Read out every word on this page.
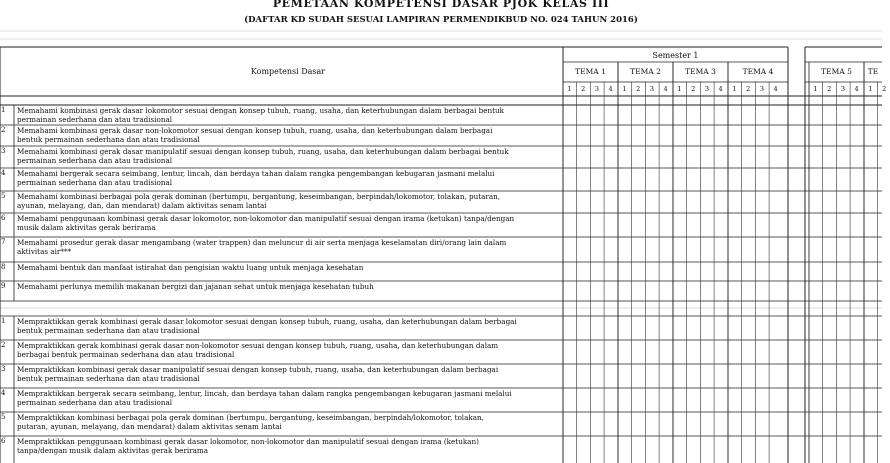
PEMETAAN KOMPETENSI DASAR PJOK KELAS III
(DAFTAR KD SUDAH SESUAI LAMPIRAN PERMENDIKBUD NO. 024 TAHUN 2016)
Kompetensi Dasar
Semester 1
TEMA 1	TEMA 2	TEMA 3	TEMA 4	TEMA 5	TE
1	2	3	4	1	2	3	4	1	2	3	4	1	2	3	4	1	2	3	4	1	2
1	Memahami kombinasi gerak dasar lokomotor sesuai dengan konsep tubuh, ruang, usaha, dan keterhubungan dalam berbagai bentuk
permainan sederhana dan atau tradisional
2	Memahami kombinasi gerak dasar non-lokomotor sesuai dengan konsep tubuh, ruang, usaha, dan keterhubungan dalam berbagai
bentuk permainan sederhana dan atau tradisional
3	Memahami kombinasi gerak dasar manipulatif sesuai dengan konsep tubuh, ruang, usaha, dan keterhubungan dalam berbagai bentuk
permainan sederhana dan atau tradisional
4	Memahami bergerak secara seimbang, lentur, lincah, dan berdaya tahan dalam rangka pengembangan kebugaran jasmani melalui
permainan sederhana dan atau tradisional
5	Memahami kombinasi berbagai pola gerak dominan (bertumpu, bergantung, keseimbangan, berpindah/lokomotor, tolakan, putaran,
ayunan, melayang, dan, dan mendarat) dalam aktivitas senam lantai
6	Memahami penggunaan kombinasi gerak dasar lokomotor, non-lokomotor dan manipulatif sesuai dengan irama (ketukan) tanpa/dengan
musik dalam aktivitas gerak berirama
7	Memahami prosedur gerak dasar mengambang (water trappen) dan meluncur di air serta menjaga keselamatan diri/orang lain dalam
aktivitas air***
8	Memahami bentuk dan manfaat istirahat dan pengisian waktu luang untuk menjaga kesehatan
9	Memahami perlunya memilih makanan bergizi dan jajanan sehat untuk menjaga kesehatan tubuh
1	Mempraktikkan gerak kombinasi gerak dasar lokomotor sesuai dengan konsep tubuh, ruang, usaha, dan keterhubungan dalam berbagai
bentuk permainan sederhana dan atau tradisional
2	Mempraktikkan gerak kombinasi gerak dasar non-lokomotor sesuai dengan konsep tubuh, ruang, usaha, dan keterhubungan dalam
berbagai bentuk permainan sederhana dan atau tradisional
3	Mempraktikkan kombinasi gerak dasar manipulatif sesuai dengan konsep tubuh, ruang, usaha, dan keterhubungan dalam berbagai
bentuk permainan sederhana dan atau tradisional
4	Mempraktikkan bergerak secara seimbang, lentur, lincah, dan berdaya tahan dalam rangka pengembangan kebugaran jasmani melalui
permainan sederhana dan atau tradisional
5	Mempraktikkan kombinasi berbagai pola gerak dominan (bertumpu, bergantung, keseimbangan, berpindah/lokomotor, tolakan,
putaran, ayunan, melayang, dan mendarat) dalam aktivitas senam lantai
6	Mempraktikkan penggunaan kombinasi gerak dasar lokomotor, non-lokomotor dan manipulatif sesuai dengan irama (ketukan)
tanpa/dengan musik dalam aktivitas gerak berirama
